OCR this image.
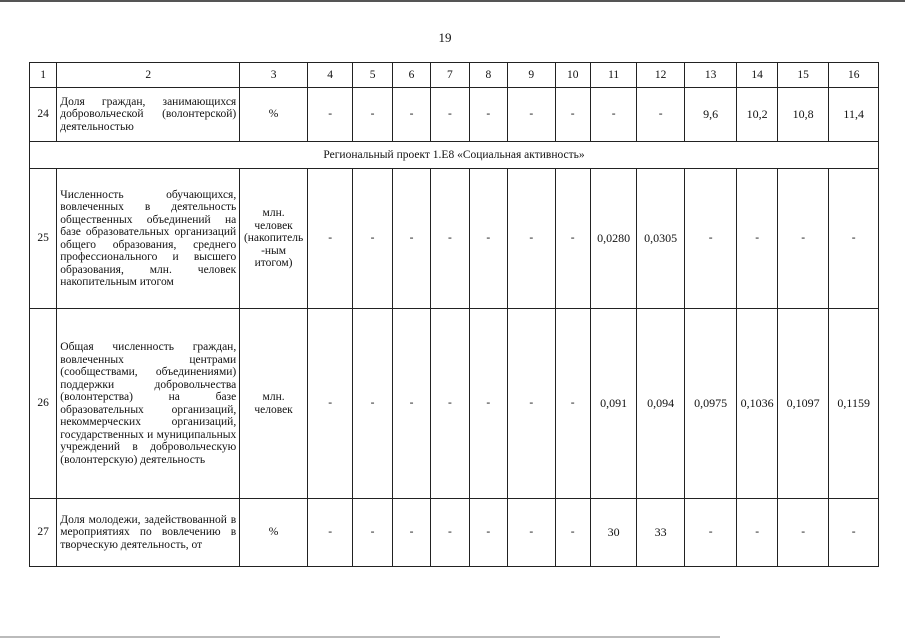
19
1	2	3	4	5	6	7	8	9	10	11	12	13	14	15	16
24	Доля граждан, занимающихся добровольческой (волонтерской) деятельностью	%	-	-	-	-	-	-	-	-	-	9,6	10,2	10,8	11,4
Региональный проект 1.Е8 «Социальная активность»															
25	Численность обучающихся, вовлеченных в деятельность общественных объединений на базе образовательных организаций общего образования, среднего профессионального и высшего образования, млн. человек накопительным итогом	млн. человек (накопитель -ным итогом)	-	-	-	-	-	-	-	0,0280	0,0305	-	-	-	-
26	Общая численность граждан, вовлеченных центрами (сообществами, объединениями) поддержки добровольчества (волонтерства) на базе образовательных организаций, некоммерческих организаций, государственных и муниципальных учреждений в добровольческую (волонтерскую) деятельность	млн. человек	-	-	-	-	-	-	-	0,091	0,094	0,0975	0,1036	0,1097	0,1159
27	Доля молодежи, задействованной в мероприятиях по вовлечению в творческую деятельность, от	%	-	-	-	-	-	-	-	30	33	-	-	-	-
